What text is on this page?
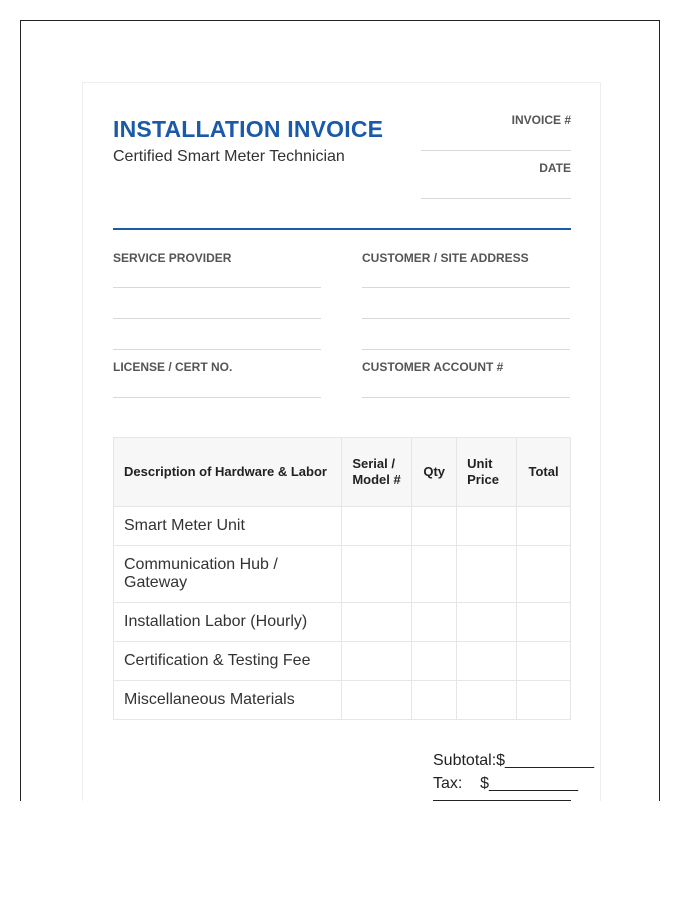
INSTALLATION INVOICE
Certified Smart Meter Technician
INVOICE #
DATE
SERVICE PROVIDER	CUSTOMER / SITE ADDRESS
LICENSE / CERT NO.	CUSTOMER ACCOUNT #
Description of Hardware & Labor	Serial / Model #	Qty	Unit Price	Total
Smart Meter Unit				
Communication Hub / Gateway				
Installation Labor (Hourly)				
Certification & Testing Fee				
Miscellaneous Materials				
Subtotal:$__________
Tax:    $__________
